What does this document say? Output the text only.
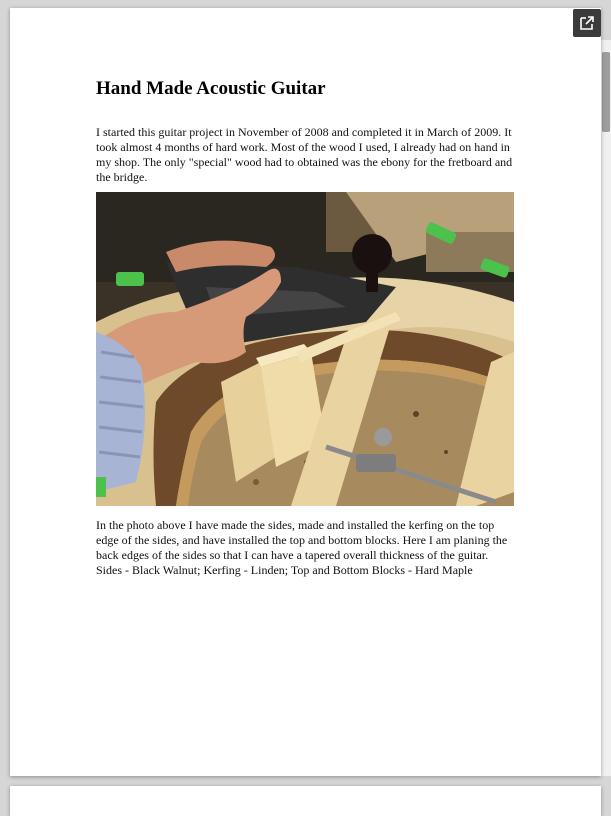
Hand Made Acoustic Guitar

I started this guitar project in November of 2008 and completed it in March of 2009. It took almost 4 months of hard work. Most of the wood I used, I already had on hand in my shop. The only "special" wood had to obtained was the ebony for the fretboard and the bridge.

In the photo above I have made the sides, made and installed the kerfing on the top edge of the sides, and have installed the top and bottom blocks. Here I am planing the back edges of the sides so that I can have a tapered overall thickness of the guitar. Sides - Black Walnut; Kerfing - Linden; Top and Bottom Blocks - Hard Maple
